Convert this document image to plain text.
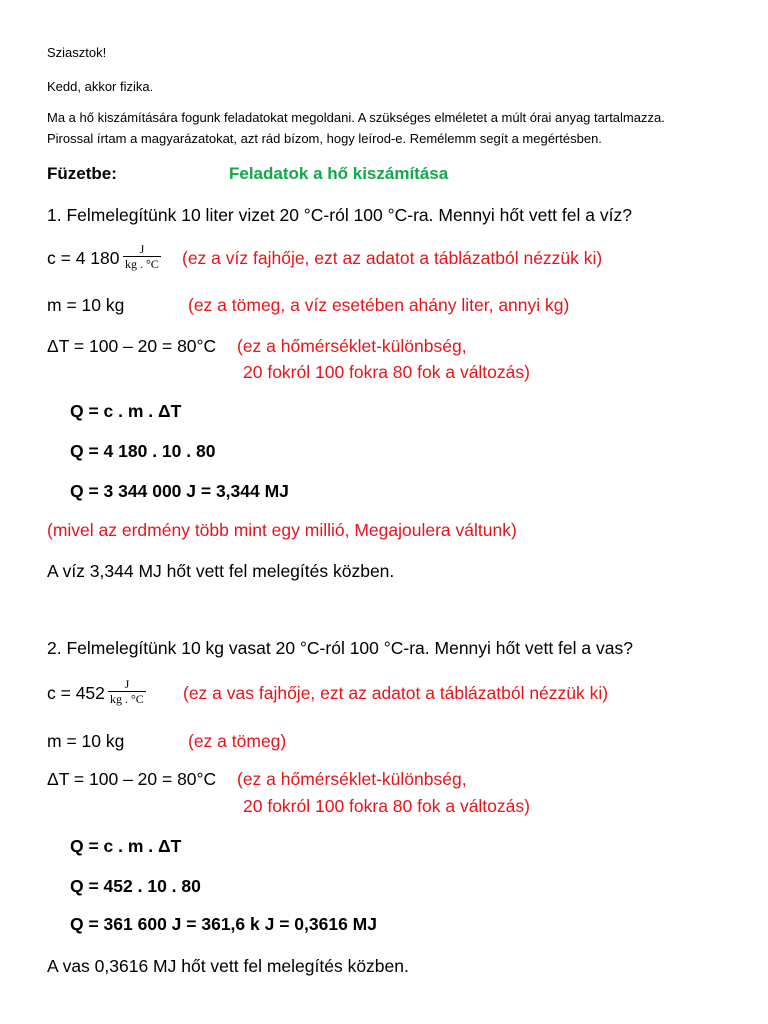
Sziasztok!
Kedd, akkor fizika.
Ma a hő kiszámítására fogunk feladatokat megoldani. A szükséges elméletet a múlt órai anyag tartalmazza.
Pirossal írtam a magyarázatokat, azt rád bízom, hogy leírod-e. Remélemm segít a megértésben.
Füzetbe:	Feladatok a hő kiszámítása
1. Felmelegítünk 10 liter vizet 20 °C-ról 100 °C-ra. Mennyi hőt vett fel a víz?
c = 4 $180 \frac{J}{kg . ^\circ C} (ez$ a víz fajhője, ezt az adatot a táblázatból nézzük ki)
m = 10 kg	(ez a tömeg, a víz esetében ahány liter, annyi kg)
ΔT = 100 – 20 = 80°C (ez a hőmérséklet-különbség,
20 fokról 100 fokra 80 fok a változás)
Q = c . m . ΔT
Q = 4 180 . 10 . 80
Q = 3 344 000 J = 3,344 MJ
(mivel az erdmény több mint egy millió, Megajoulera váltunk)
A víz 3,344 MJ hőt vett fel melegítés közben.
2. Felmelegítünk 10 kg vasat 20 °C-ról 100 °C-ra. Mennyi hőt vett fel a vas?
$c = 452 \frac{J}{kg . ^\circ C} (ez$ a vas fajhője, ezt az adatot a táblázatból nézzük ki)
m = 10 kg	(ez a tömeg)
ΔT = 100 – 20 = 80°C (ez a hőmérséklet-különbség,
20 fokról 100 fokra 80 fok a változás)
Q = c . m . ΔT
Q = 452 . 10 . 80
Q = 361 600 J = 361,6 k J = 0,3616 MJ
A vas 0,3616 MJ hőt vett fel melegítés közben.
